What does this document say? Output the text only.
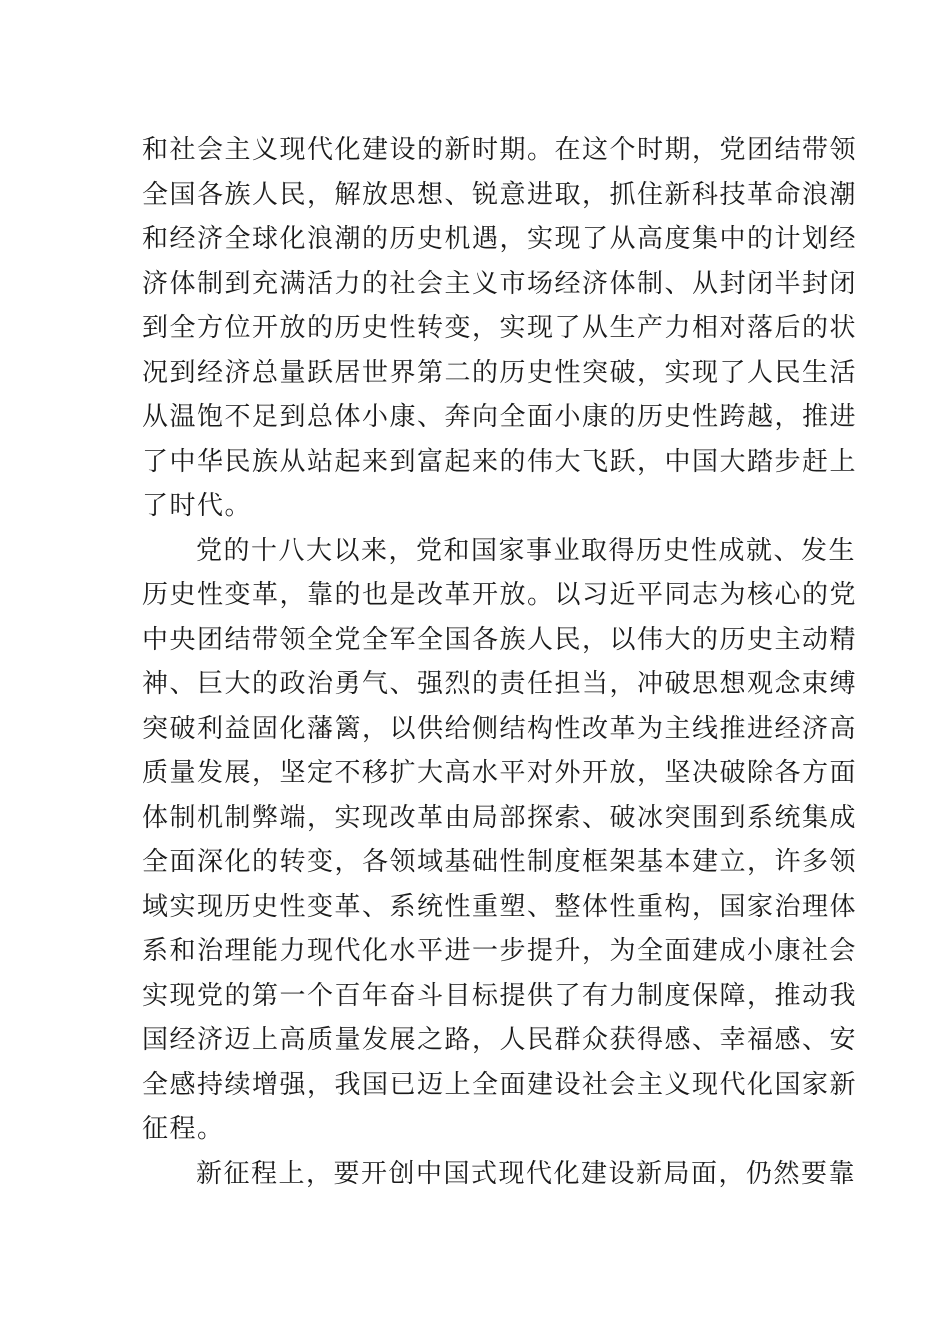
和社会主义现代化建设的新时期。在这个时期，党团结带领
全国各族人民，解放思想、锐意进取，抓住新科技革命浪潮
和经济全球化浪潮的历史机遇，实现了从高度集中的计划经
济体制到充满活力的社会主义市场经济体制、从封闭半封闭
到全方位开放的历史性转变，实现了从生产力相对落后的状
况到经济总量跃居世界第二的历史性突破，实现了人民生活
从温饱不足到总体小康、奔向全面小康的历史性跨越，推进
了中华民族从站起来到富起来的伟大飞跃，中国大踏步赶上
了时代。
党的十八大以来，党和国家事业取得历史性成就、发生
历史性变革，靠的也是改革开放。以习近平同志为核心的党
中央团结带领全党全军全国各族人民，以伟大的历史主动精
神、巨大的政治勇气、强烈的责任担当，冲破思想观念束缚
突破利益固化藩篱，以供给侧结构性改革为主线推进经济高
质量发展，坚定不移扩大高水平对外开放，坚决破除各方面
体制机制弊端，实现改革由局部探索、破冰突围到系统集成
全面深化的转变，各领域基础性制度框架基本建立，许多领
域实现历史性变革、系统性重塑、整体性重构，国家治理体
系和治理能力现代化水平进一步提升，为全面建成小康社会
实现党的第一个百年奋斗目标提供了有力制度保障，推动我
国经济迈上高质量发展之路，人民群众获得感、幸福感、安
全感持续增强，我国已迈上全面建设社会主义现代化国家新
征程。
新征程上，要开创中国式现代化建设新局面，仍然要靠
